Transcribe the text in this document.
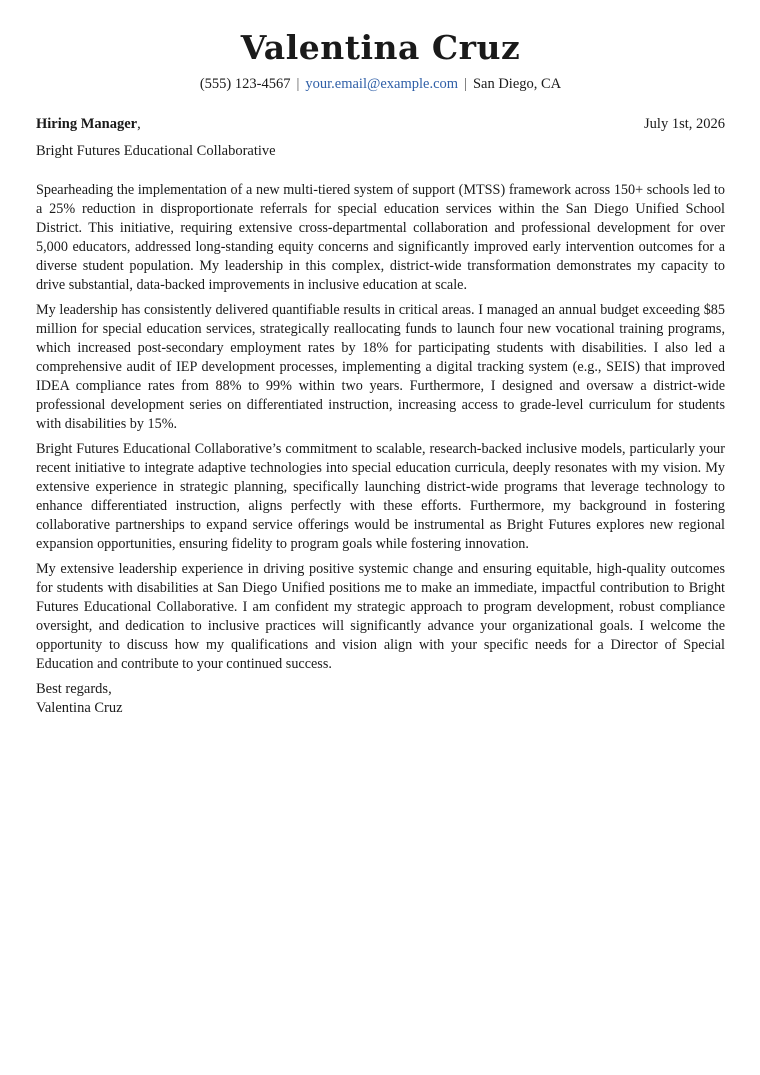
Valentina Cruz
(555) 123-4567 | your.email@example.com | San Diego, CA
Hiring Manager,	July 1st, 2026
Bright Futures Educational Collaborative

Spearheading the implementation of a new multi-tiered system of support (MTSS) framework across 150+ schools led to a 25% reduction in disproportionate referrals for special education services within the San Diego Unified School District. This initiative, requiring extensive cross-departmental collaboration and professional development for over 5,000 educators, addressed long-standing equity concerns and significantly improved early intervention outcomes for a diverse student population. My leadership in this complex, district-wide transformation demonstrates my capacity to drive substantial, data-backed improvements in inclusive education at scale.

My leadership has consistently delivered quantifiable results in critical areas. I managed an annual budget exceeding $85 million for special education services, strategically reallocating funds to launch four new vocational training programs, which increased post-secondary employment rates by 18% for participating students with disabilities. I also led a comprehensive audit of IEP development processes, implementing a digital tracking system (e.g., SEIS) that improved IDEA compliance rates from 88% to 99% within two years. Furthermore, I designed and oversaw a district-wide professional development series on differentiated instruction, increasing access to grade-level curriculum for students with disabilities by 15%.

Bright Futures Educational Collaborative’s commitment to scalable, research-backed inclusive models, particularly your recent initiative to integrate adaptive technologies into special education curricula, deeply resonates with my vision. My extensive experience in strategic planning, specifically launching district-wide programs that leverage technology to enhance differentiated instruction, aligns perfectly with these efforts. Furthermore, my background in fostering collaborative partnerships to expand service offerings would be instrumental as Bright Futures explores new regional expansion opportunities, ensuring fidelity to program goals while fostering innovation.

My extensive leadership experience in driving positive systemic change and ensuring equitable, high-quality outcomes for students with disabilities at San Diego Unified positions me to make an immediate, impactful contribution to Bright Futures Educational Collaborative. I am confident my strategic approach to program development, robust compliance oversight, and dedication to inclusive practices will significantly advance your organizational goals. I welcome the opportunity to discuss how my qualifications and vision align with your specific needs for a Director of Special Education and contribute to your continued success.

Best regards,
Valentina Cruz
